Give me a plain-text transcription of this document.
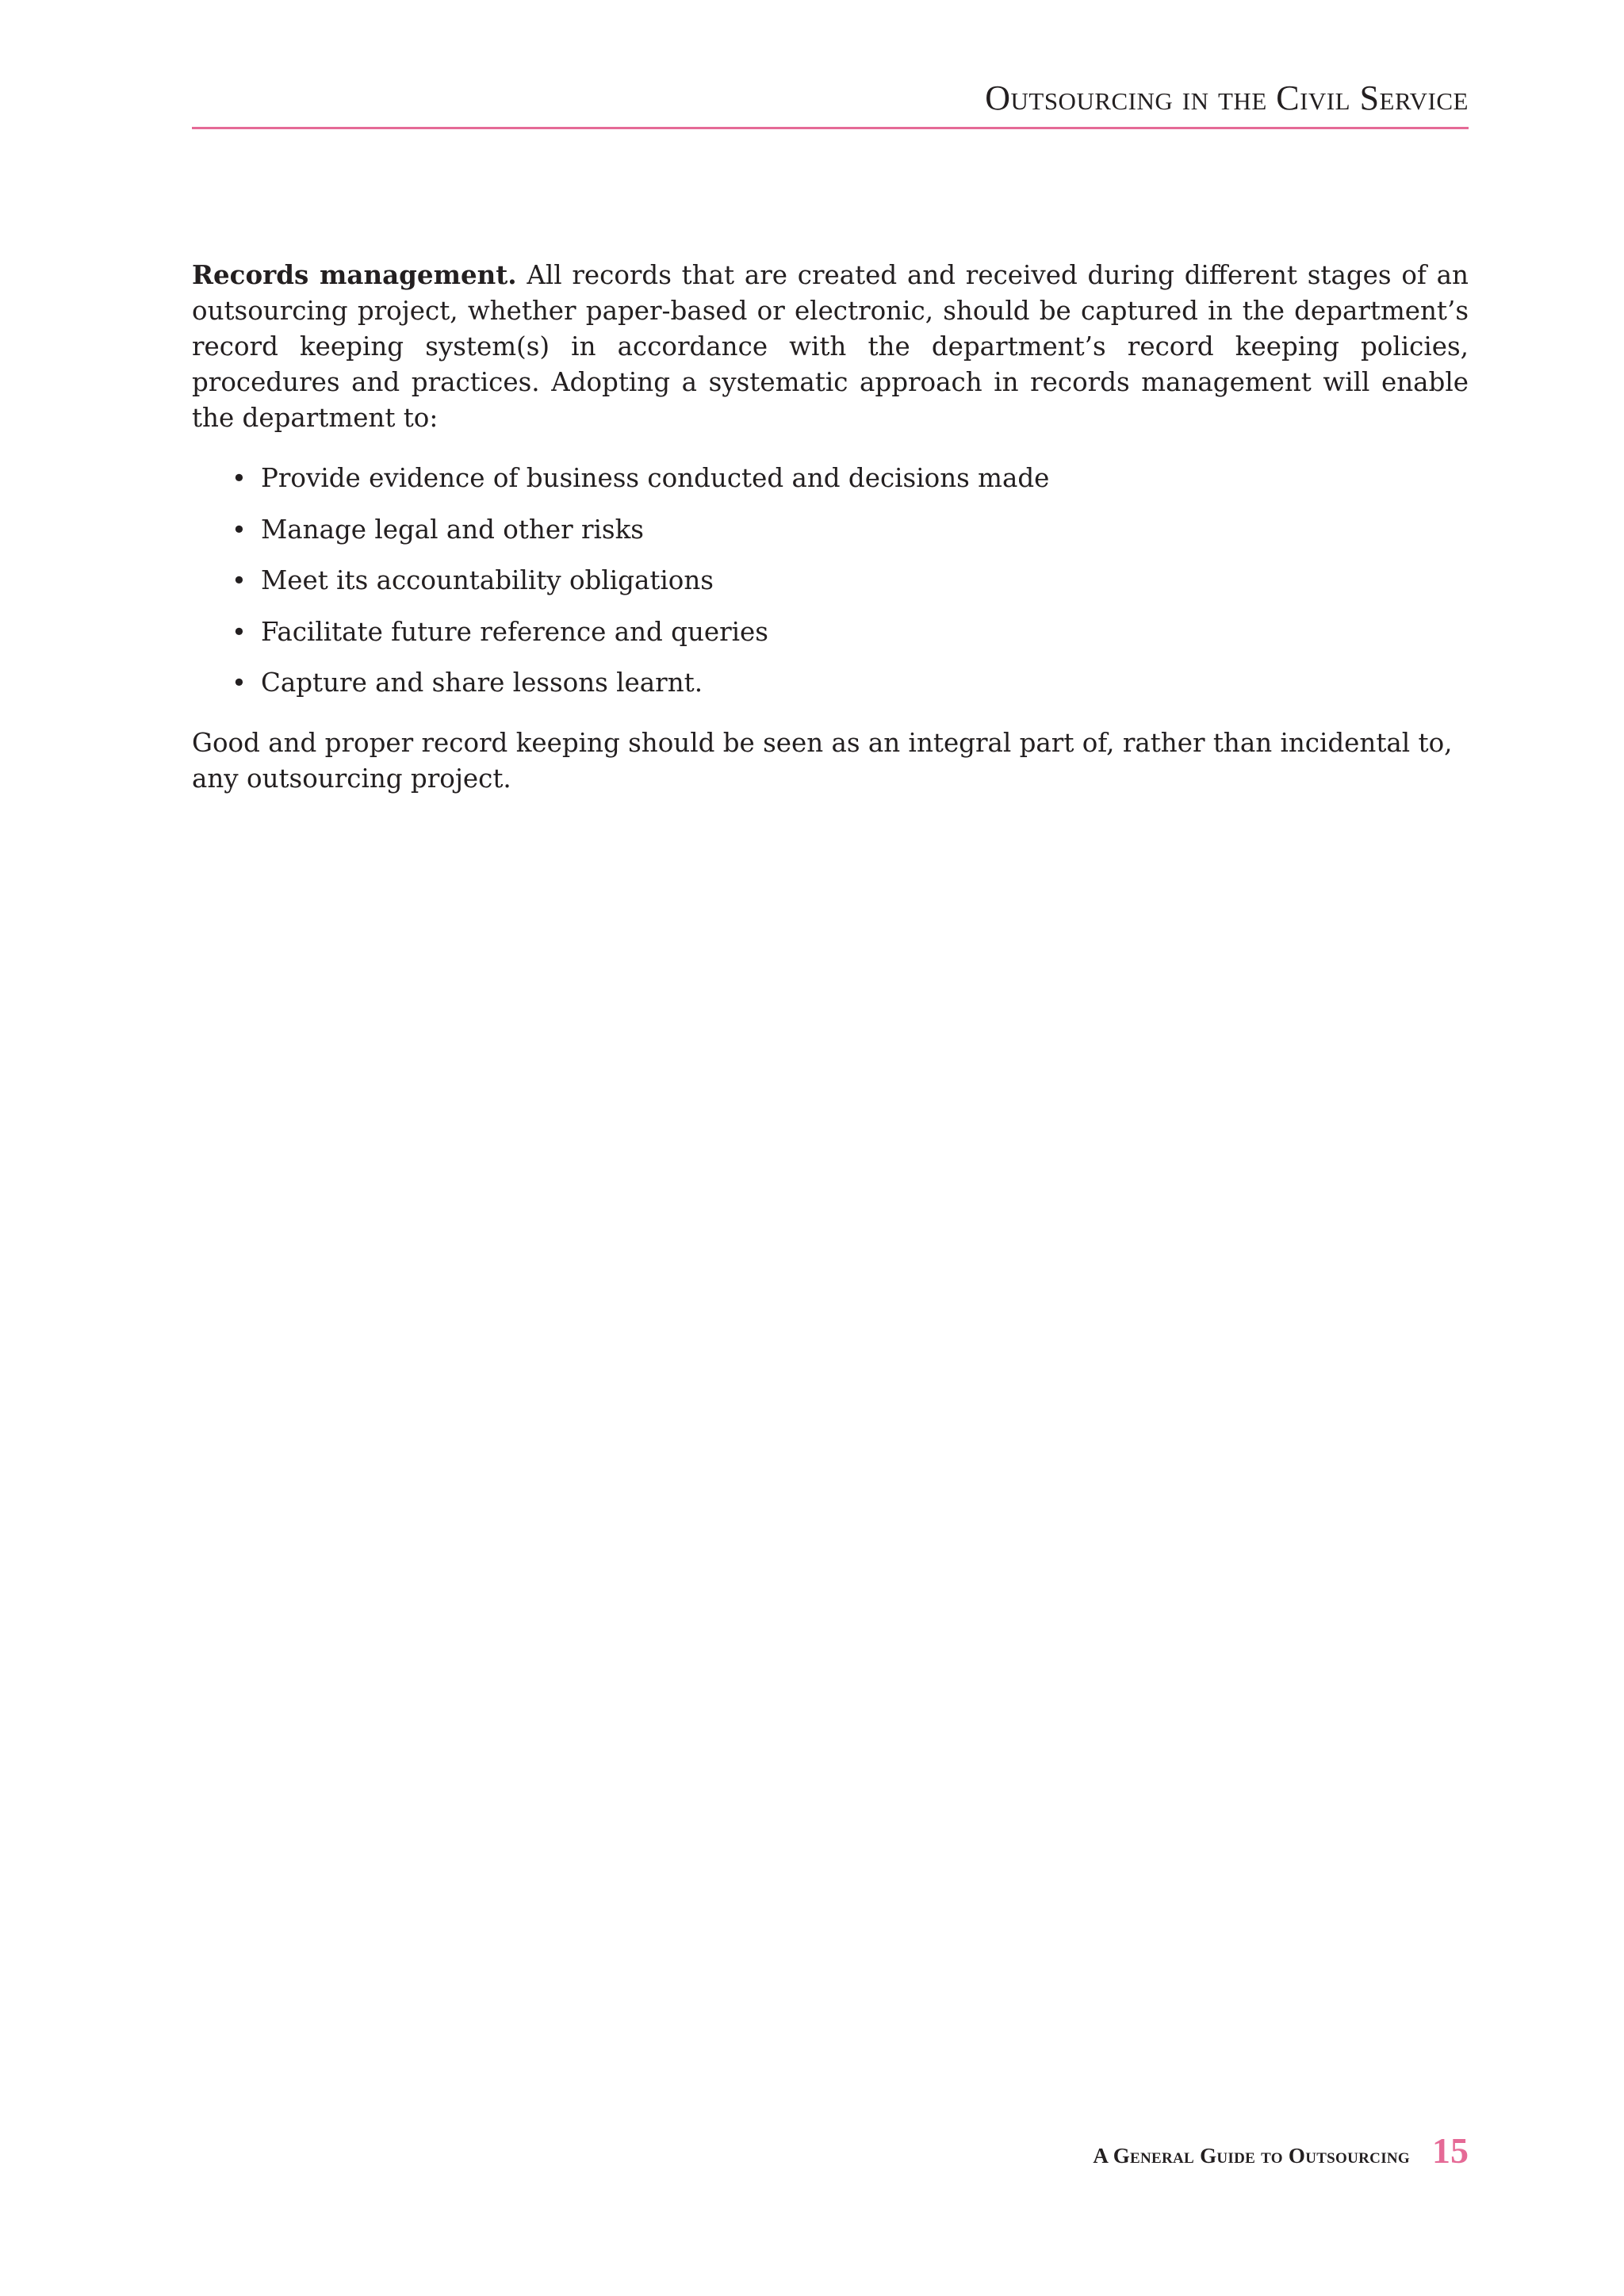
Outsourcing in the Civil Service

Records management. All records that are created and received during different stages of an outsourcing project, whether paper-based or electronic, should be captured in the department’s record keeping system(s) in accordance with the department’s record keeping policies, procedures and practices. Adopting a systematic approach in records management will enable the department to:

• Provide evidence of business conducted and decisions made
• Manage legal and other risks
• Meet its accountability obligations
• Facilitate future reference and queries
• Capture and share lessons learnt.

Good and proper record keeping should be seen as an integral part of, rather than incidental to, any outsourcing project.

A General Guide to Outsourcing 15
